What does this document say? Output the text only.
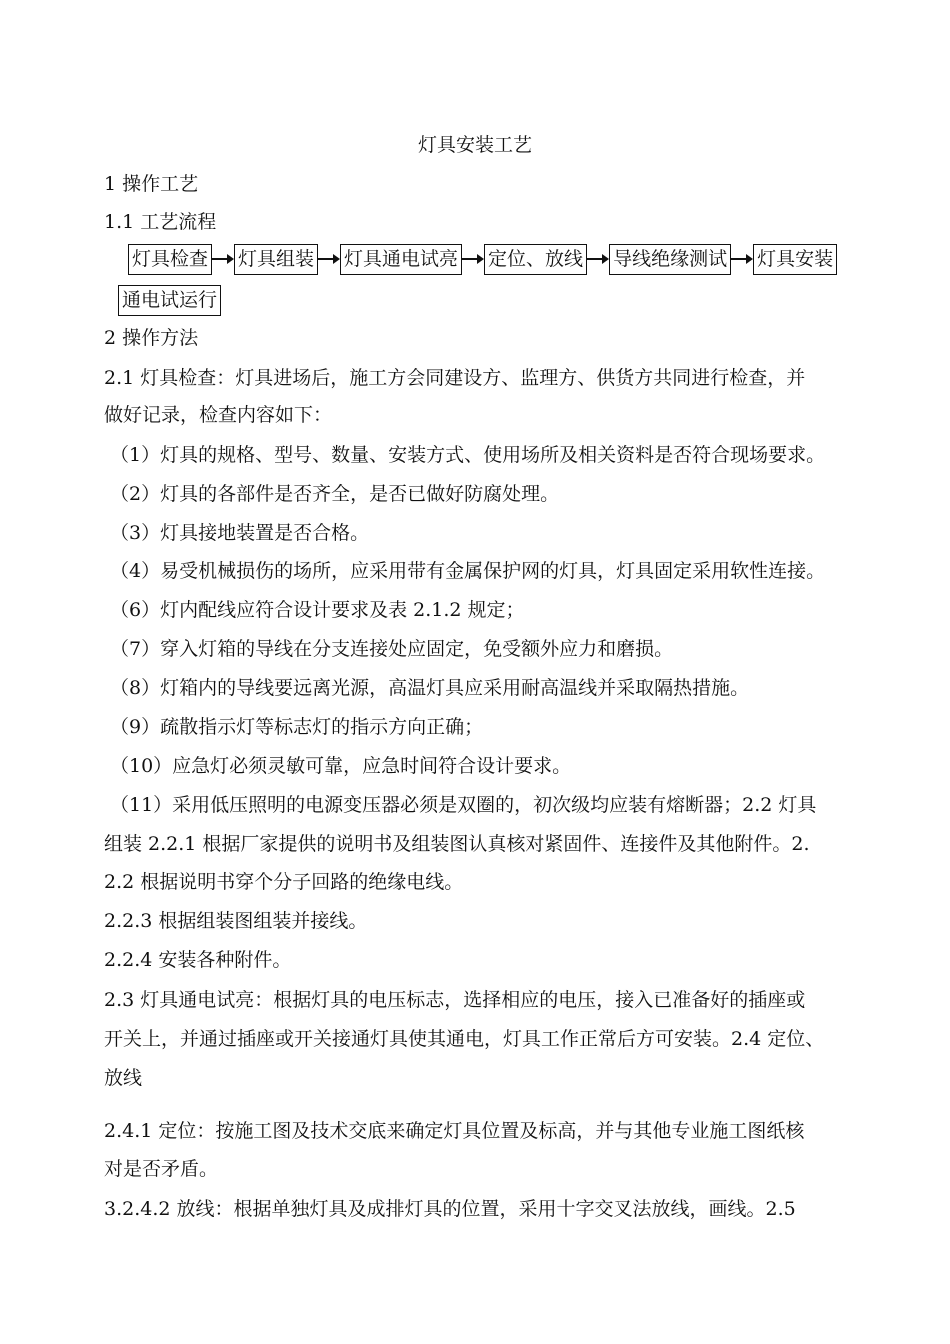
灯具安装工艺
1 操作工艺
1.1 工艺流程
灯具检查 灯具组装 灯具通电试亮 定位、放线 导线绝缘测试 灯具安装
通电试运行
2 操作方法
2.1 灯具检查：灯具进场后，施工方会同建设方、监理方、供货方共同进行检查，并
做好记录，检查内容如下：
（1）灯具的规格、型号、数量、安装方式、使用场所及相关资料是否符合现场要求。
（2）灯具的各部件是否齐全，是否已做好防腐处理。
（3）灯具接地装置是否合格。
（4）易受机械损伤的场所，应采用带有金属保护网的灯具，灯具固定采用软性连接。
（6）灯内配线应符合设计要求及表 2.1.2 规定；
（7）穿入灯箱的导线在分支连接处应固定，免受额外应力和磨损。
（8）灯箱内的导线要远离光源，高温灯具应采用耐高温线并采取隔热措施。
（9）疏散指示灯等标志灯的指示方向正确；
（10）应急灯必须灵敏可靠，应急时间符合设计要求。
（11）采用低压照明的电源变压器必须是双圈的，初次级均应装有熔断器；2.2 灯具
组装 2.2.1 根据厂家提供的说明书及组装图认真核对紧固件、连接件及其他附件。2.
2.2 根据说明书穿个分子回路的绝缘电线。
2.2.3 根据组装图组装并接线。
2.2.4 安装各种附件。
2.3 灯具通电试亮：根据灯具的电压标志，选择相应的电压，接入已准备好的插座或
开关上，并通过插座或开关接通灯具使其通电，灯具工作正常后方可安装。2.4 定位、
放线
2.4.1 定位：按施工图及技术交底来确定灯具位置及标高，并与其他专业施工图纸核
对是否矛盾。
3.2.4.2 放线：根据单独灯具及成排灯具的位置，采用十字交叉法放线，画线。2.5
